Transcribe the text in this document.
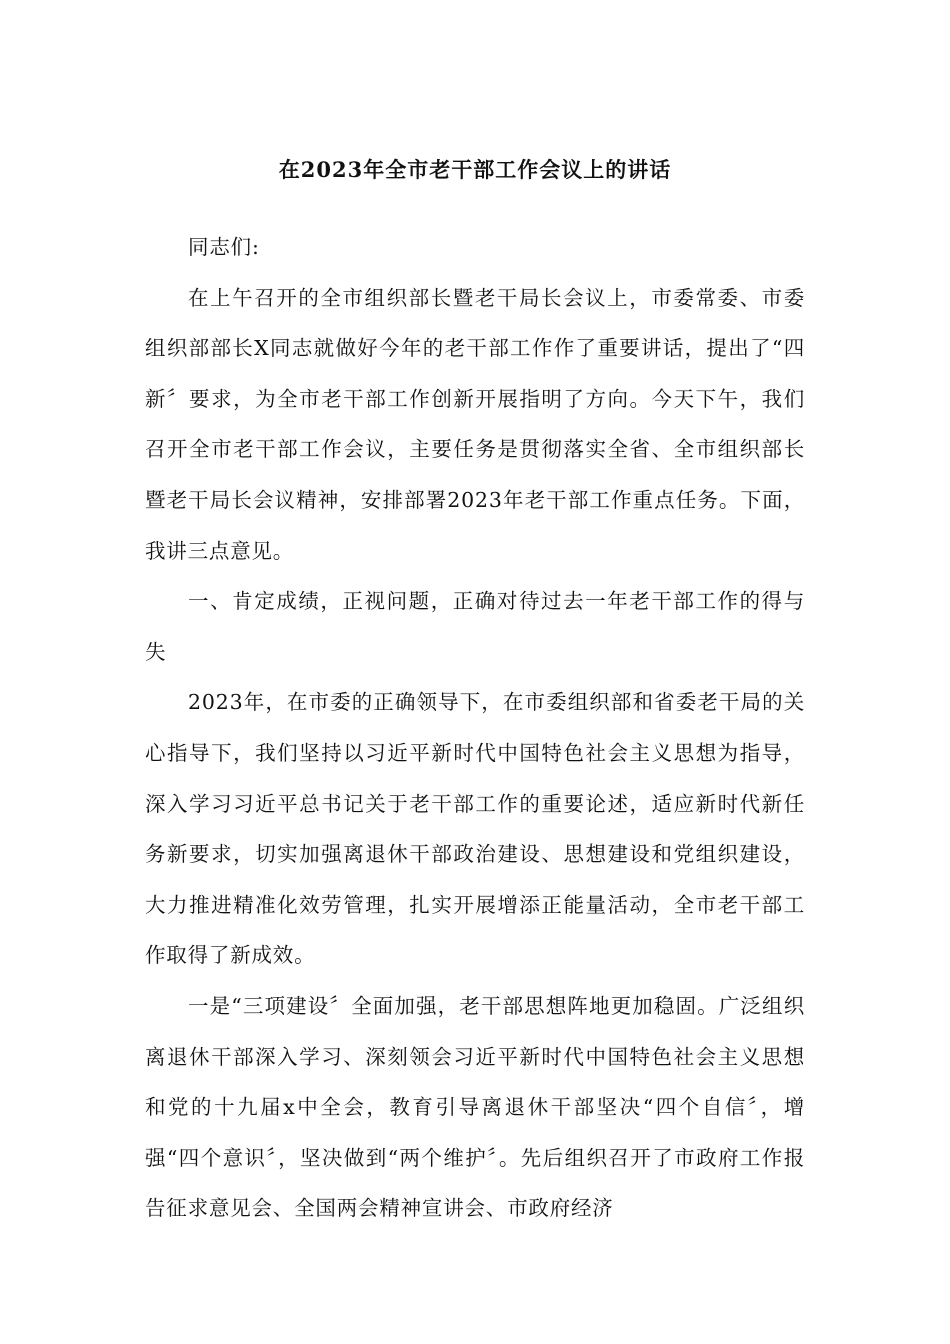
在2023年全市老干部工作会议上的讲话

同志们:

在上午召开的全市组织部长暨老干局长会议上，市委常委、市委组织部部长X同志就做好今年的老干部工作作了重要讲话，提出了“四新〞要求，为全市老干部工作创新开展指明了方向。今天下午，我们召开全市老干部工作会议，主要任务是贯彻落实全省、全市组织部长暨老干局长会议精神，安排部署2023年老干部工作重点任务。下面，我讲三点意见。

一、肯定成绩，正视问题，正确对待过去一年老干部工作的得与失

2023年，在市委的正确领导下，在市委组织部和省委老干局的关心指导下，我们坚持以习近平新时代中国特色社会主义思想为指导，深入学习习近平总书记关于老干部工作的重要论述，适应新时代新任务新要求，切实加强离退休干部政治建设、思想建设和党组织建设，大力推进精准化效劳管理，扎实开展增添正能量活动，全市老干部工作取得了新成效。

一是“三项建设〞全面加强，老干部思想阵地更加稳固。广泛组织离退休干部深入学习、深刻领会习近平新时代中国特色社会主义思想和党的十九届x中全会，教育引导离退休干部坚决“四个自信〞，增强“四个意识〞，坚决做到“两个维护〞。先后组织召开了市政府工作报告征求意见会、全国两会精神宣讲会、市政府经济
